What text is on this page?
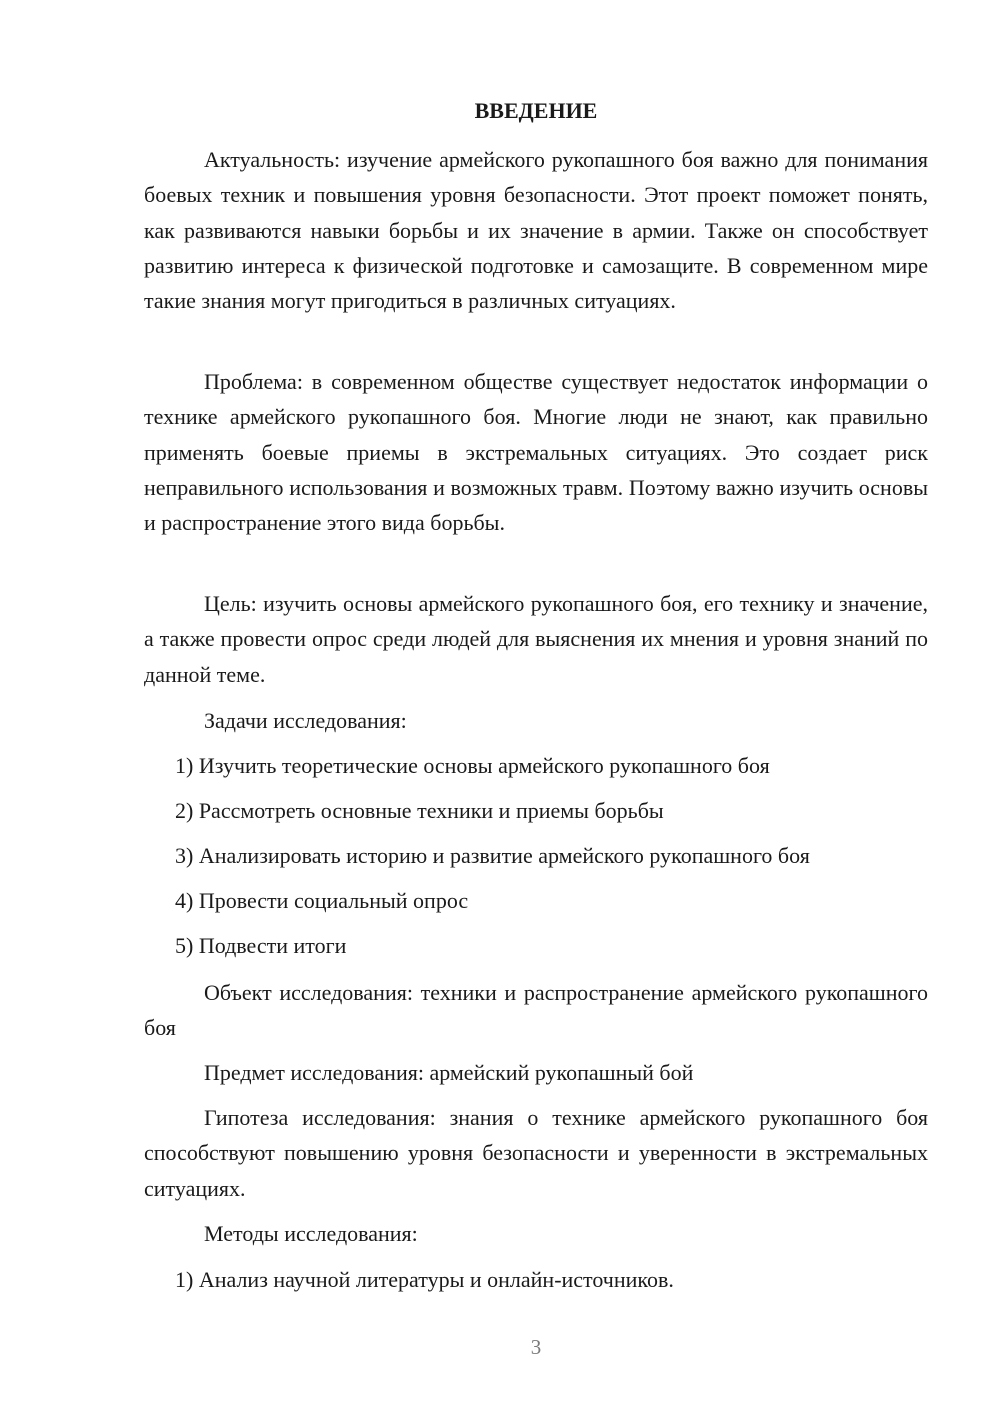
ВВЕДЕНИЕ

Актуальность: изучение армейского рукопашного боя важно для понимания боевых техник и повышения уровня безопасности. Этот проект поможет понять, как развиваются навыки борьбы и их значение в армии. Также он способствует развитию интереса к физической подготовке и самозащите. В современном мире такие знания могут пригодиться в различных ситуациях.

Проблема: в современном обществе существует недостаток информации о технике армейского рукопашного боя. Многие люди не знают, как правильно применять боевые приемы в экстремальных ситуациях. Это создает риск неправильного использования и возможных травм. Поэтому важно изучить основы и распространение этого вида борьбы.

Цель: изучить основы армейского рукопашного боя, его технику и значение, а также провести опрос среди людей для выяснения их мнения и уровня знаний по данной теме.

Задачи исследования:

1) Изучить теоретические основы армейского рукопашного боя

2) Рассмотреть основные техники и приемы борьбы

3) Анализировать историю и развитие армейского рукопашного боя

4) Провести социальный опрос

5) Подвести итоги

Объект исследования: техники и распространение армейского рукопашного боя

Предмет исследования: армейский рукопашный бой

Гипотеза исследования: знания о технике армейского рукопашного боя способствуют повышению уровня безопасности и уверенности в экстремальных ситуациях.

Методы исследования:

1) Анализ научной литературы и онлайн-источников.

3
